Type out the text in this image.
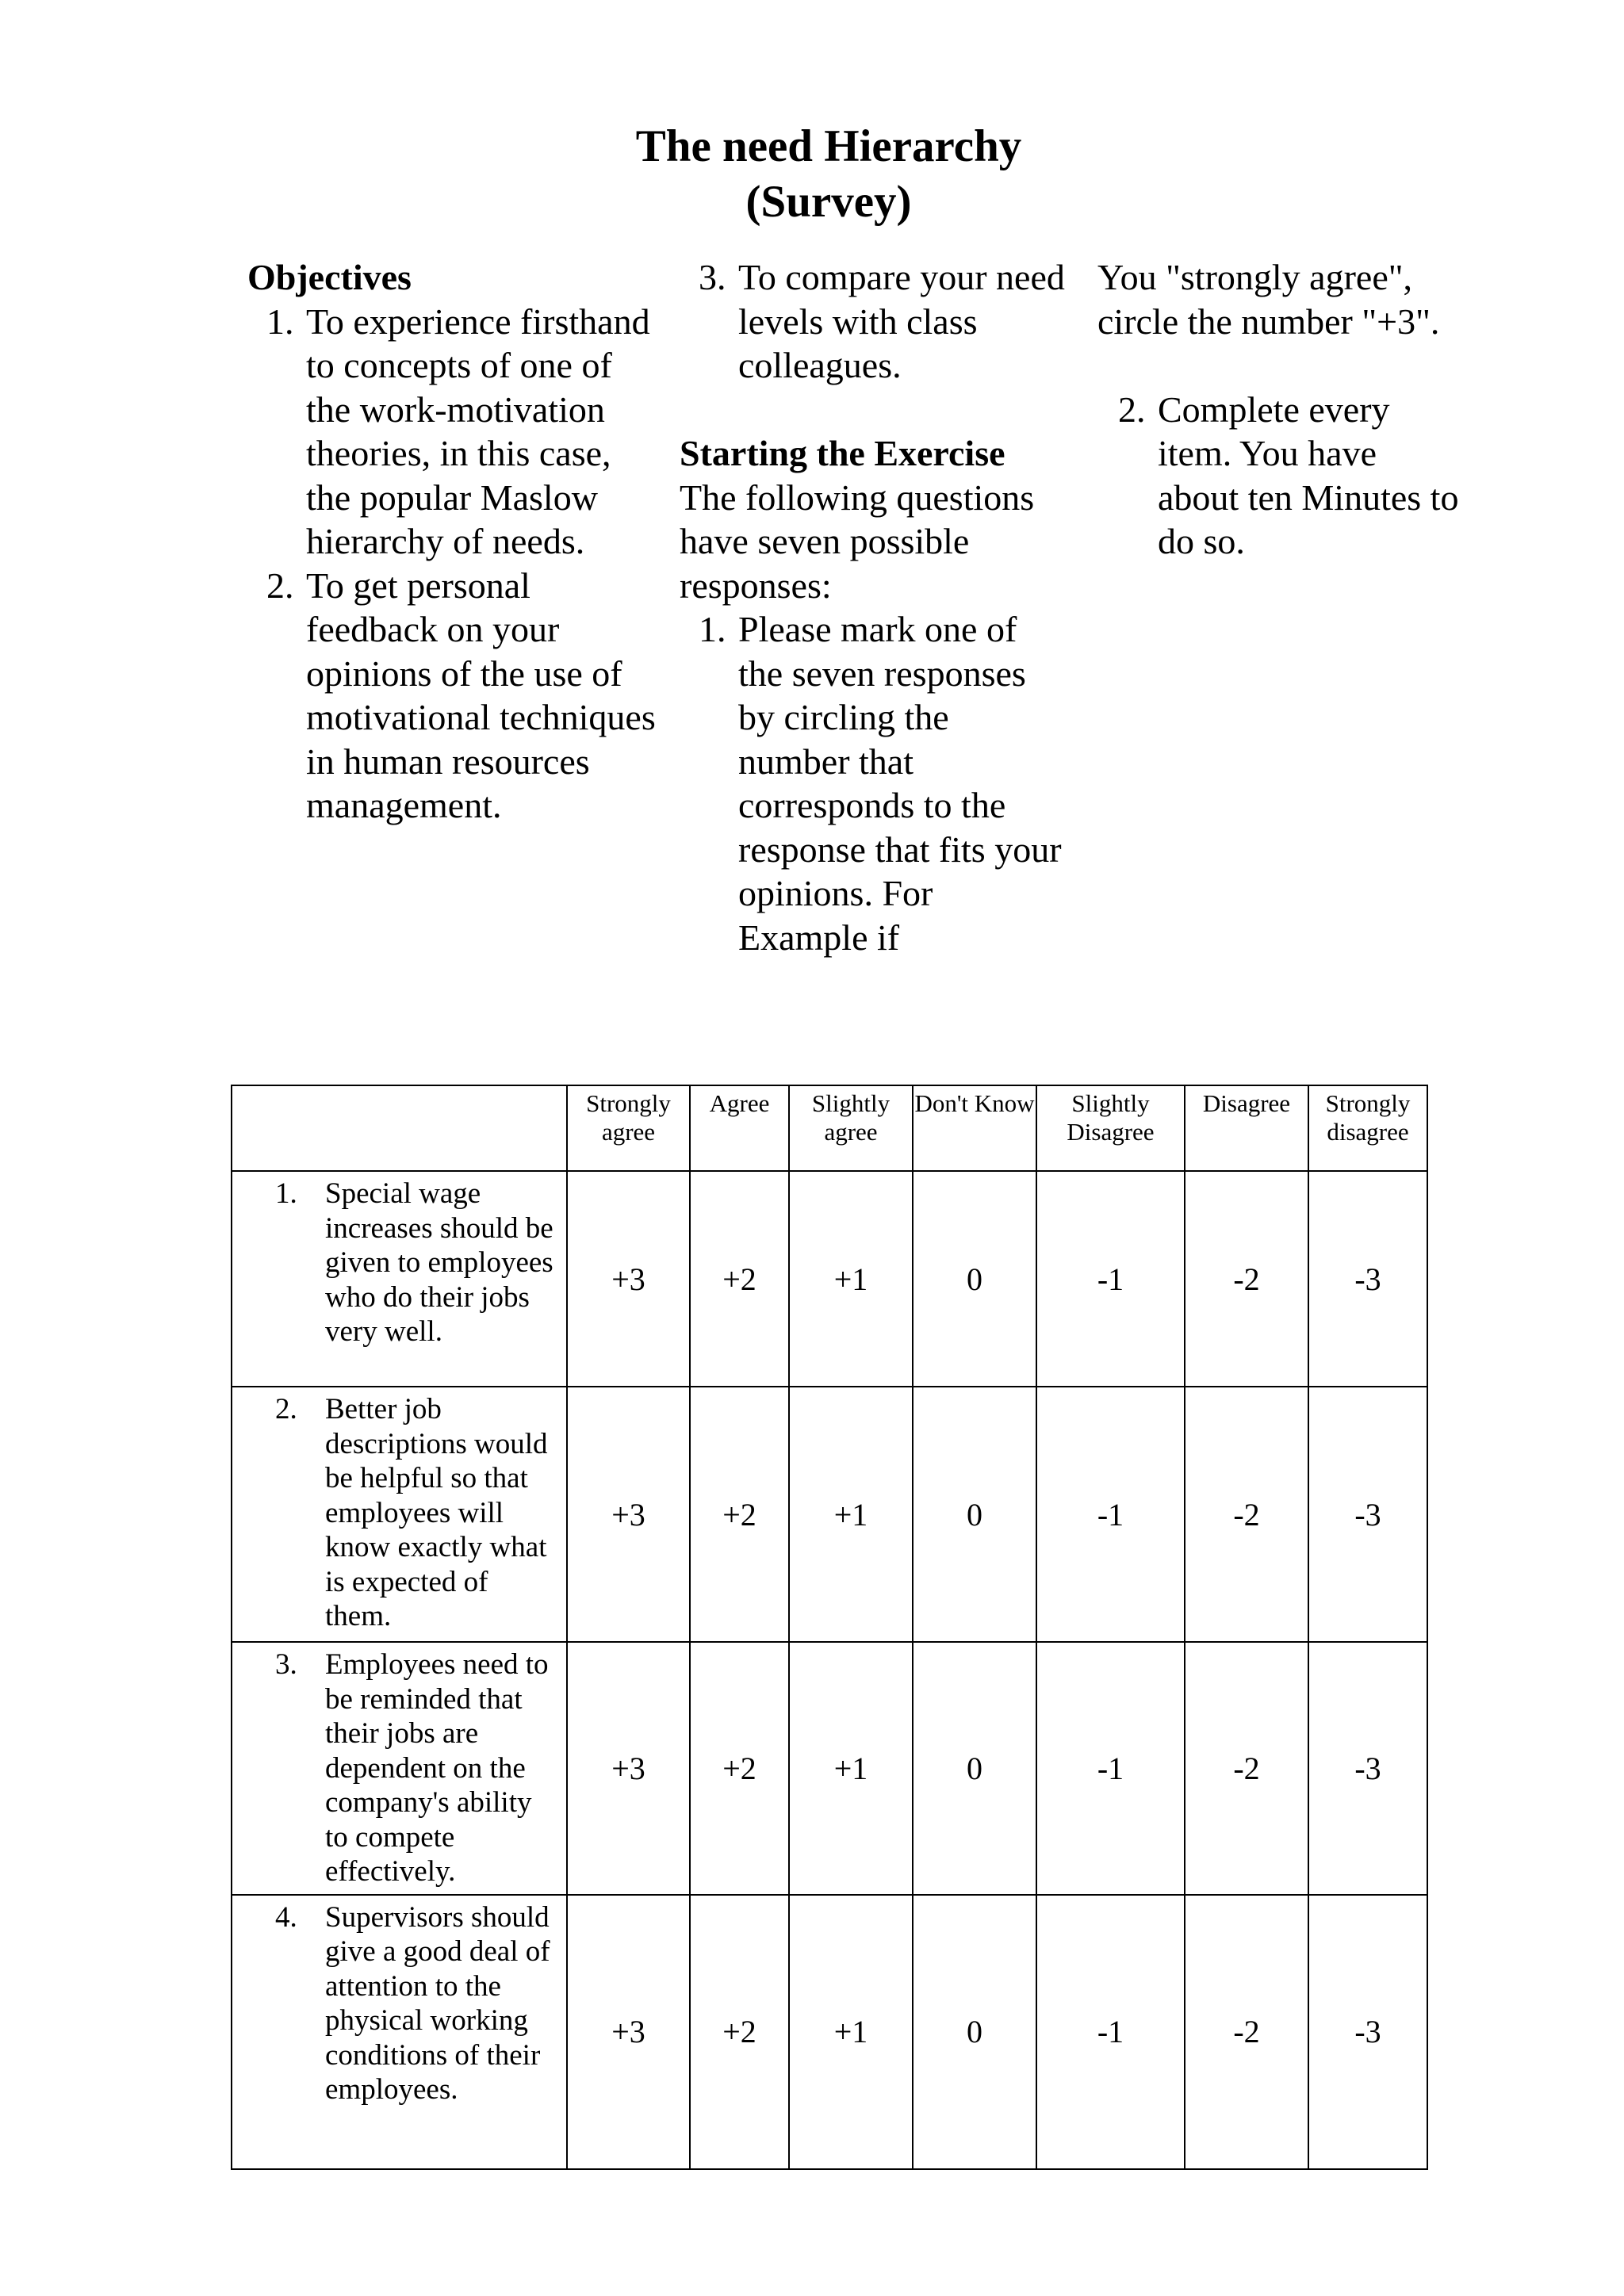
The need Hierarchy
(Survey)
Objectives
1. To experience firsthand to concepts of one of the work-motivation theories, in this case, the popular Maslow hierarchy of needs.
2. To get personal feedback on your opinions of the use of motivational techniques in human resources management.
3. To compare your need levels with class colleagues.
Starting the Exercise
The following questions have seven possible responses:
1. Please mark one of the seven responses by circling the number that corresponds to the response that fits your opinions. For Example if
You "strongly agree", circle the number "+3".
2. Complete every item. You have about ten Minutes to do so.
	Strongly agree	Agree	Slightly agree	Don't Know	Slightly Disagree	Disagree	Strongly disagree

1. Special wage increases should be given to employees who do their jobs very well.	+3	+2	+1	0	-1	-2	-3

2. Better job descriptions would be helpful so that employees will know exactly what is expected of them.	+3	+2	+1	0	-1	-2	-3

3. Employees need to be reminded that their jobs are dependent on the company's ability to compete effectively.	+3	+2	+1	0	-1	-2	-3

4. Supervisors should give a good deal of attention to the physical working conditions of their employees.	+3	+2	+1	0	-1	-2	-3
